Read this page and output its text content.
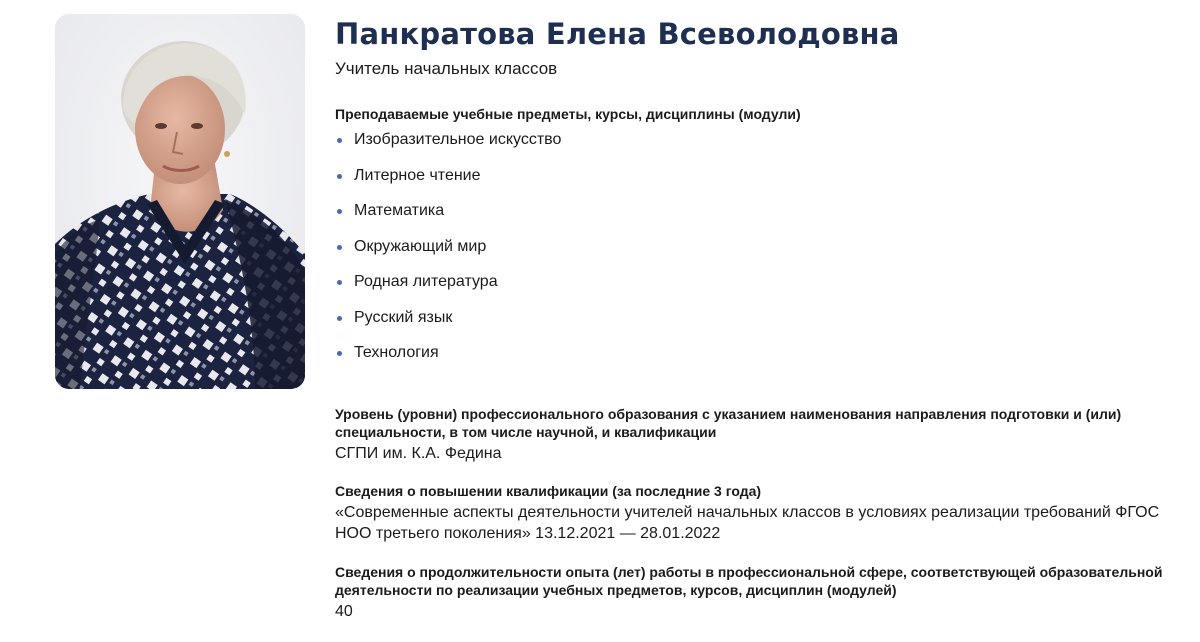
Панкратова Елена Всеволодовна
Учитель начальных классов
Преподаваемые учебные предметы, курсы, дисциплины (модули)
Изобразительное искусство
Литерное чтение
Математика
Окружающий мир
Родная литература
Русский язык
Технология
Уровень (уровни) профессионального образования с указанием наименования направления подготовки и (или) специальности, в том числе научной, и квалификации
СГПИ им. К.А. Федина
Сведения о повышении квалификации (за последние 3 года)
«Современные аспекты деятельности учителей начальных классов в условиях реализации требований ФГОС НОО третьего поколения» 13.12.2021 — 28.01.2022
Сведения о продолжительности опыта (лет) работы в профессиональной сфере, соответствующей образовательной деятельности по реализации учебных предметов, курсов, дисциплин (модулей)
40
